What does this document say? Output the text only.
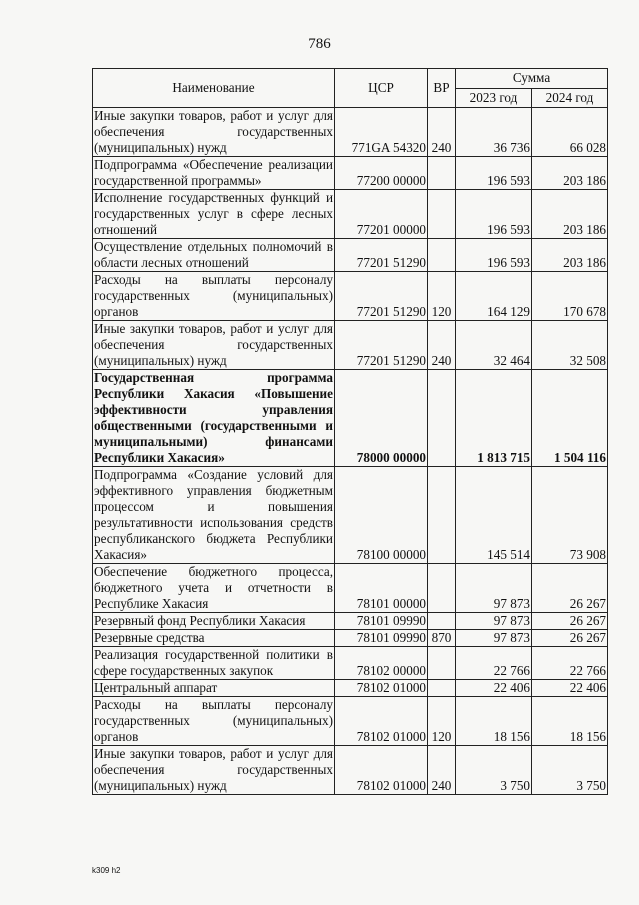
786
Наименование	ЦСР	ВР	Сумма	
			2023 год	2024 год
Иные закупки товаров, работ и услуг для обеспечения государственных (муниципальных) нужд	771GA 54320	240	36 736	66 028
Подпрограмма «Обеспечение реализации государственной программы»	77200 00000		196 593	203 186
Исполнение государственных функций и государственных услуг в сфере лесных отношений	77201 00000		196 593	203 186
Осуществление отдельных полномочий в области лесных отношений	77201 51290		196 593	203 186
Расходы на выплаты персоналу государственных (муниципальных) органов	77201 51290	120	164 129	170 678
Иные закупки товаров, работ и услуг для обеспечения государственных (муниципальных) нужд	77201 51290	240	32 464	32 508
Государственная программа Республики Хакасия «Повышение эффективности управления общественными (государственными и муниципальными) финансами Республики Хакасия»	78000 00000		1 813 715	1 504 116
Подпрограмма «Создание условий для эффективного управления бюджетным процессом и повышения результативности использования средств республиканского бюджета Республики Хакасия»	78100 00000		145 514	73 908
Обеспечение бюджетного процесса, бюджетного учета и отчетности в Республике Хакасия	78101 00000		97 873	26 267
Резервный фонд Республики Хакасия	78101 09990		97 873	26 267
Резервные средства	78101 09990	870	97 873	26 267
Реализация государственной политики в сфере государственных закупок	78102 00000		22 766	22 766
Центральный аппарат	78102 01000		22 406	22 406
Расходы на выплаты персоналу государственных (муниципальных) органов	78102 01000	120	18 156	18 156
Иные закупки товаров, работ и услуг для обеспечения государственных (муниципальных) нужд	78102 01000	240	3 750	3 750
k309 h2
